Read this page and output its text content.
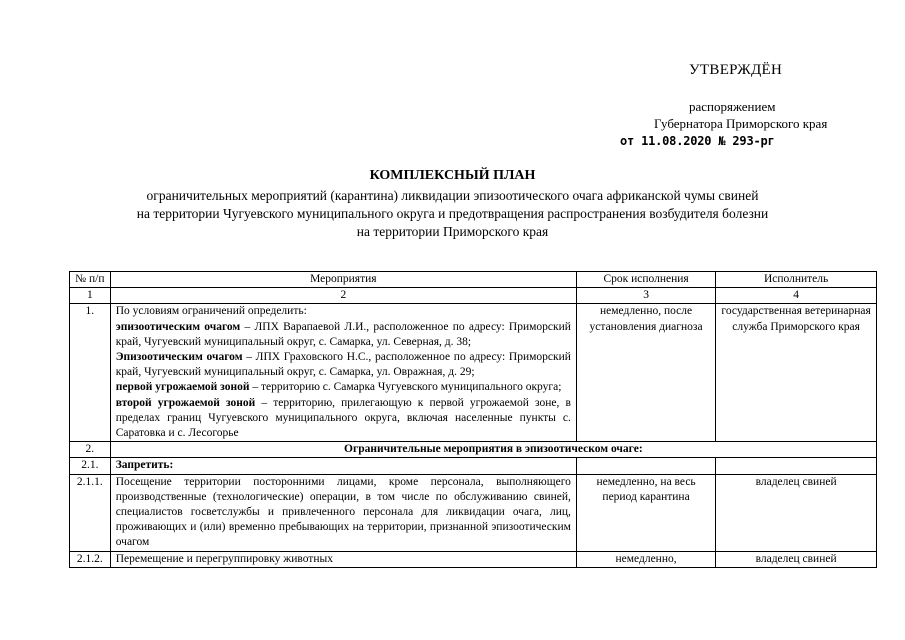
УТВЕРЖДЁН
распоряжением
Губернатора Приморского края
от 11.08.2020 № 293-рг
КОМПЛЕКСНЫЙ ПЛАН
ограничительных мероприятий (карантина) ликвидации эпизоотического очага африканской чумы свиней
на территории Чугуевского муниципального округа и предотвращения распространения возбудителя болезни
на территории Приморского края
№ п/п	Мероприятия	Срок исполнения	Исполнитель
1	2	3	4
1.	По условиям ограничений определить:
эпизоотическим очагом – ЛПХ Варапаевой Л.И., расположенное по адресу: Приморский край, Чугуевский муниципальный округ, с. Самарка, ул. Северная, д. 38;
Эпизоотическим очагом – ЛПХ Граховского Н.С., расположенное по адресу: Приморский край, Чугуевский муниципальный округ, с. Самарка, ул. Овражная, д. 29;
первой угрожаемой зоной – территорию с. Самарка Чугуевского муниципального округа;
второй угрожаемой зоной – территорию, прилегающую к первой угрожаемой зоне, в пределах границ Чугуевского муниципального округа, включая населенные пункты с. Саратовка и с. Лесогорье	немедленно, после установления диагноза	государственная ветеринарная служба Приморского края
2.	Ограничительные мероприятия в эпизоотическом очаге:		
2.1.	Запретить:		
2.1.1.	Посещение территории посторонними лицами, кроме персонала, выполняющего производственные (технологические) операции, в том числе по обслуживанию свиней, специалистов госветслужбы и привлеченного персонала для ликвидации очага, лиц, проживающих и (или) временно пребывающих на территории, признанной эпизоотическим очагом	немедленно, на весь период карантина	владелец свиней
2.1.2.	Перемещение и перегруппировку животных	немедленно,	владелец свиней
